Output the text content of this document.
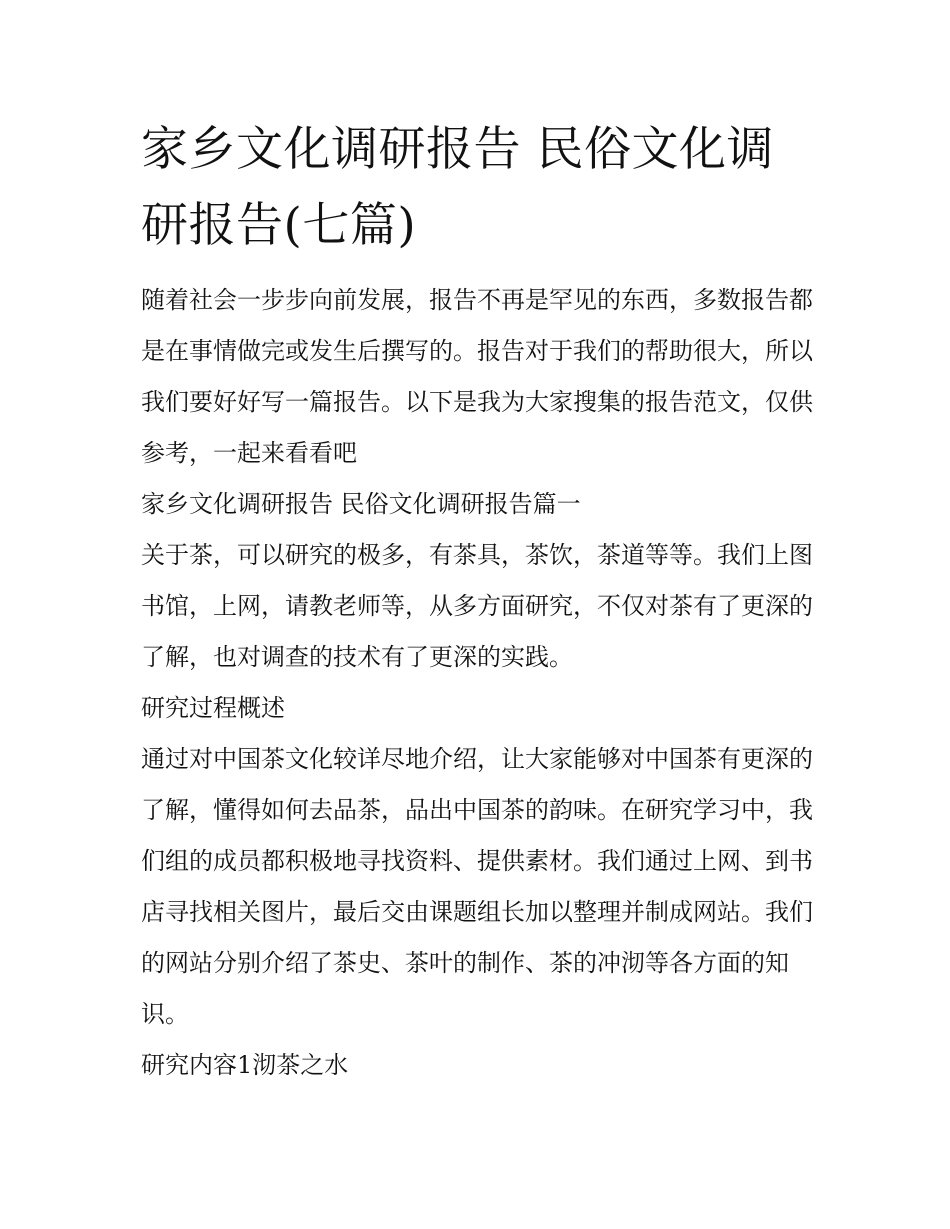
家乡文化调研报告 民俗文化调研报告(七篇)

随着社会一步步向前发展，报告不再是罕见的东西，多数报告都是在事情做完或发生后撰写的。报告对于我们的帮助很大，所以我们要好好写一篇报告。以下是我为大家搜集的报告范文，仅供参考，一起来看看吧

家乡文化调研报告 民俗文化调研报告篇一

关于茶，可以研究的极多，有茶具，茶饮，茶道等等。我们上图书馆，上网，请教老师等，从多方面研究，不仅对茶有了更深的了解，也对调查的技术有了更深的实践。

研究过程概述

通过对中国茶文化较详尽地介绍，让大家能够对中国茶有更深的了解，懂得如何去品茶，品出中国茶的韵味。在研究学习中，我们组的成员都积极地寻找资料、提供素材。我们通过上网、到书店寻找相关图片，最后交由课题组长加以整理并制成网站。我们的网站分别介绍了茶史、茶叶的制作、茶的冲沏等各方面的知识。

研究内容1沏茶之水
